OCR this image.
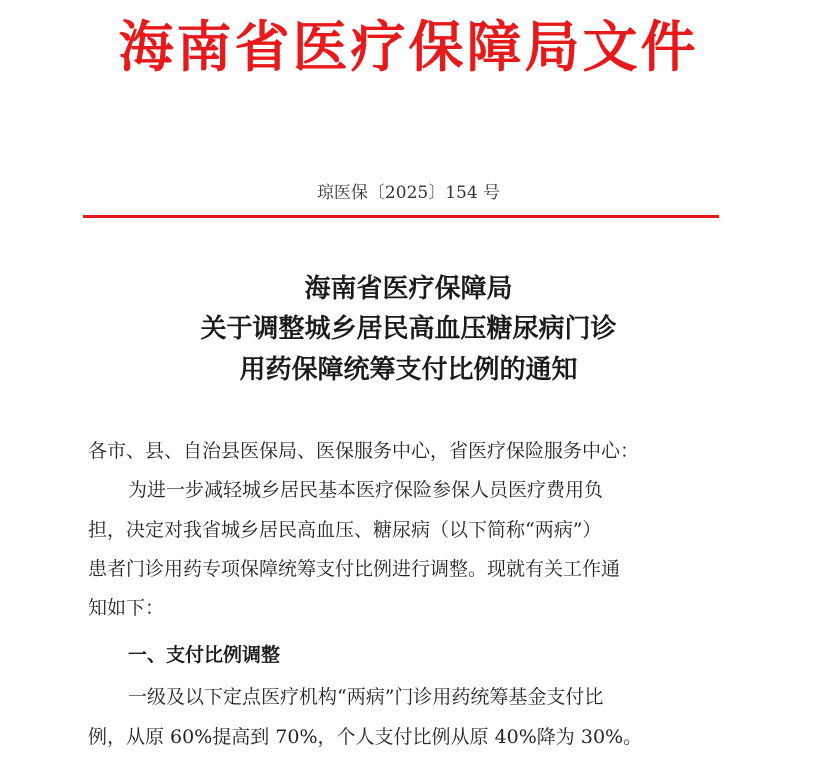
海南省医疗保障局文件
琼医保〔2025〕154 号
海南省医疗保障局
关于调整城乡居民高血压糖尿病门诊
用药保障统筹支付比例的通知
各市、县、自治县医保局、医保服务中心，省医疗保险服务中心：
为进一步减轻城乡居民基本医疗保险参保人员医疗费用负
担，决定对我省城乡居民高血压、糖尿病（以下简称“两病”）
患者门诊用药专项保障统筹支付比例进行调整。现就有关工作通
知如下：
一、支付比例调整
一级及以下定点医疗机构“两病”门诊用药统筹基金支付比
例，从原 60%提高到 70%，个人支付比例从原 40%降为 30%。
